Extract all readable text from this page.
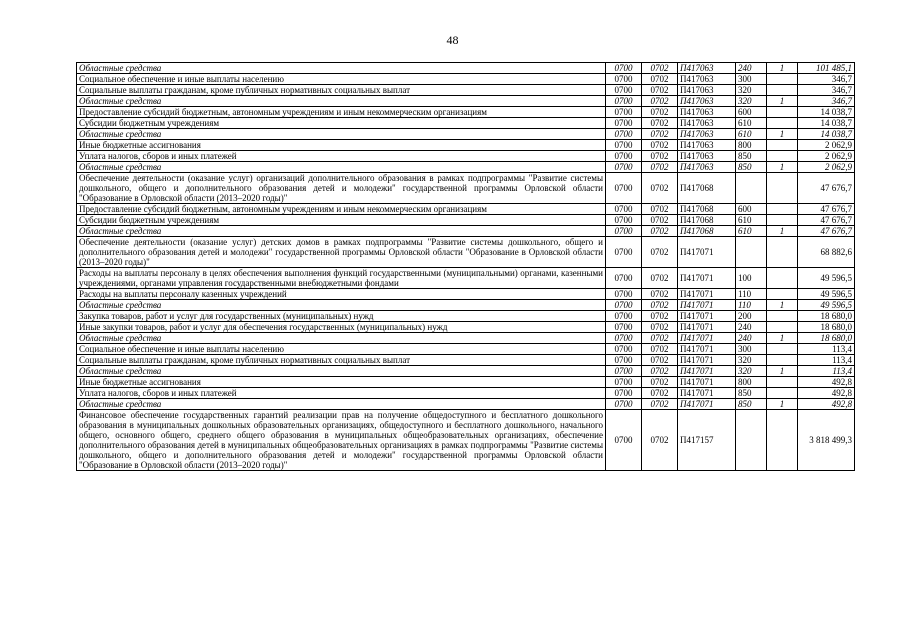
48
Областные средства	0700	0702	П417063	240	1	101 485,1
Социальное обеспечение и иные выплаты населению	0700	0702	П417063	300		346,7
Социальные выплаты гражданам, кроме публичных нормативных социальных выплат	0700	0702	П417063	320		346,7
Областные средства	0700	0702	П417063	320	1	346,7
Предоставление субсидий бюджетным, автономным учреждениям и иным некоммерческим организациям	0700	0702	П417063	600		14 038,7
Субсидии бюджетным учреждениям	0700	0702	П417063	610		14 038,7
Областные средства	0700	0702	П417063	610	1	14 038,7
Иные бюджетные ассигнования	0700	0702	П417063	800		2 062,9
Уплата налогов, сборов и иных платежей	0700	0702	П417063	850		2 062,9
Областные средства	0700	0702	П417063	850	1	2 062,9
Обеспечение деятельности (оказание услуг) организаций дополнительного образования в рамках подпрограммы "Развитие системы дошкольного, общего и дополнительного образования детей и молодежи" государственной программы Орловской области "Образование в Орловской области (2013–2020 годы)"	0700	0702	П417068			47 676,7
Предоставление субсидий бюджетным, автономным учреждениям и иным некоммерческим организациям	0700	0702	П417068	600		47 676,7
Субсидии бюджетным учреждениям	0700	0702	П417068	610		47 676,7
Областные средства	0700	0702	П417068	610	1	47 676,7
Обеспечение деятельности (оказание услуг) детских домов в рамках подпрограммы "Развитие системы дошкольного, общего и дополнительного образования детей и молодежи" государственной программы Орловской области "Образование в Орловской области (2013–2020 годы)"	0700	0702	П417071			68 882,6
Расходы на выплаты персоналу в целях обеспечения выполнения функций государственными (муниципальными) органами, казенными учреждениями, органами управления государственными внебюджетными фондами	0700	0702	П417071	100		49 596,5
Расходы на выплаты персоналу казенных учреждений	0700	0702	П417071	110		49 596,5
Областные средства	0700	0702	П417071	110	1	49 596,5
Закупка товаров, работ и услуг для государственных (муниципальных) нужд	0700	0702	П417071	200		18 680,0
Иные закупки товаров, работ и услуг для обеспечения государственных (муниципальных) нужд	0700	0702	П417071	240		18 680,0
Областные средства	0700	0702	П417071	240	1	18 680,0
Социальное обеспечение и иные выплаты населению	0700	0702	П417071	300		113,4
Социальные выплаты гражданам, кроме публичных нормативных социальных выплат	0700	0702	П417071	320		113,4
Областные средства	0700	0702	П417071	320	1	113,4
Иные бюджетные ассигнования	0700	0702	П417071	800		492,8
Уплата налогов, сборов и иных платежей	0700	0702	П417071	850		492,8
Областные средства	0700	0702	П417071	850	1	492,8
Финансовое обеспечение государственных гарантий реализации прав на получение общедоступного и бесплатного дошкольного образования в муниципальных дошкольных образовательных организациях, общедоступного и бесплатного дошкольного, начального общего, основного общего, среднего общего образования в муниципальных общеобразовательных организациях, обеспечение дополнительного образования детей в муниципальных общеобразовательных организациях в рамках подпрограммы "Развитие системы дошкольного, общего и дополнительного образования детей и молодежи" государственной программы Орловской области "Образование в Орловской области (2013–2020 годы)"	0700	0702	П417157			3 818 499,3
